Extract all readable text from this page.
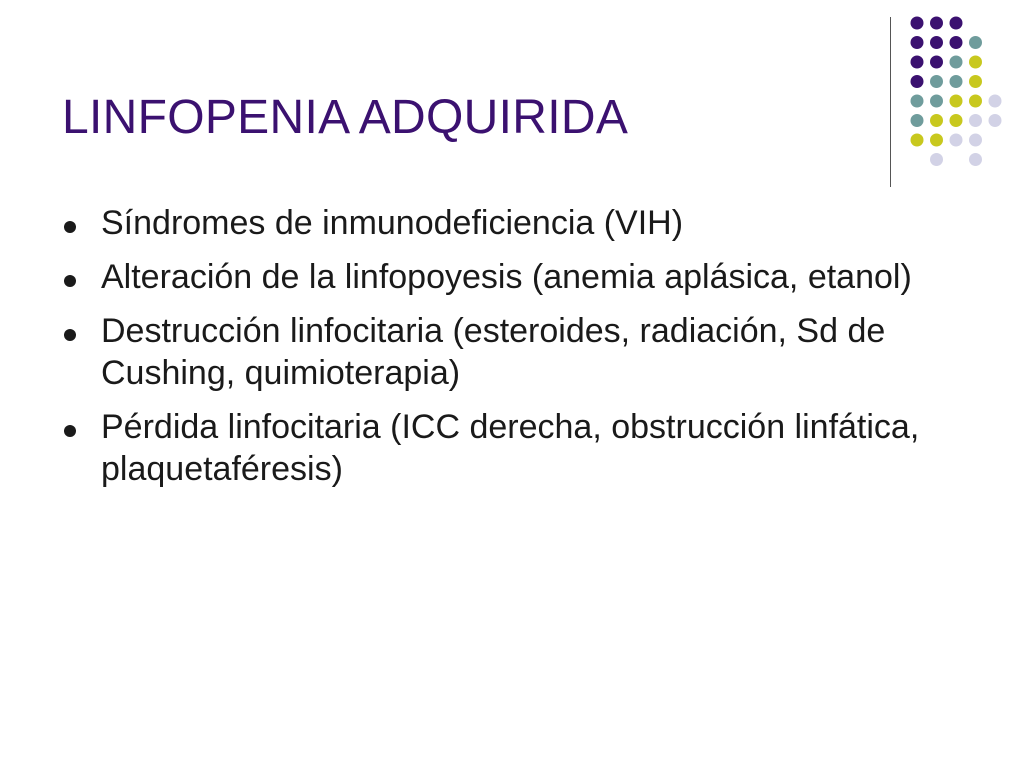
LINFOPENIA ADQUIRIDA
Síndromes de inmunodeficiencia (VIH)
Alteración de la linfopoyesis (anemia aplásica, etanol)
Destrucción linfocitaria (esteroides, radiación, Sd de Cushing, quimioterapia)
Pérdida linfocitaria (ICC derecha, obstrucción linfática, plaquetaféresis)
